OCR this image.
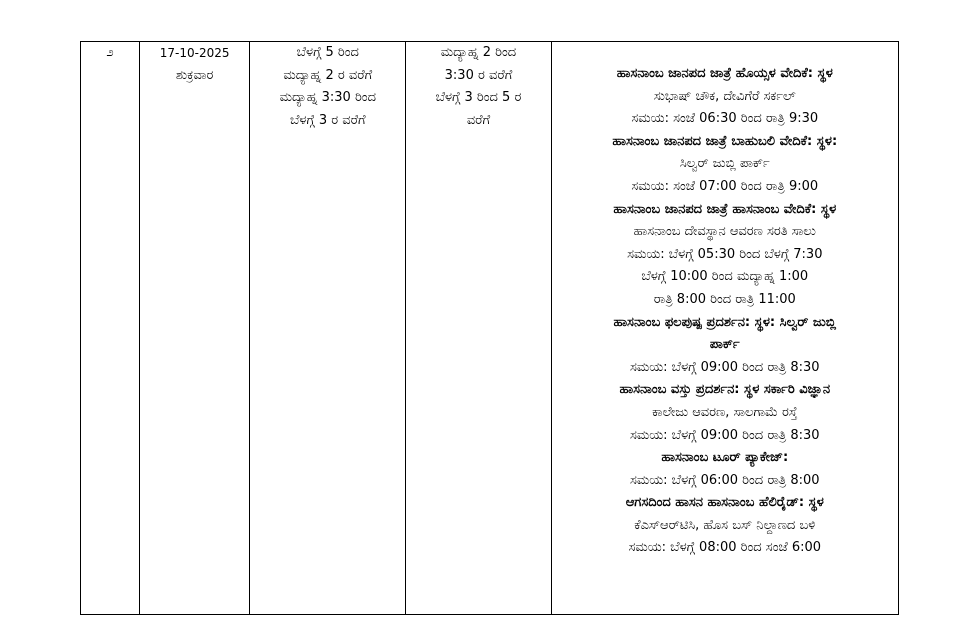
೨	17-10-2025
ಶುಕ್ರವಾರ

ಬೆಳಗ್ಗೆ 5 ರಿಂದ
ಮದ್ಯಾಹ್ನ 2 ರ ವರೆಗೆ
ಮದ್ಯಾಹ್ನ 3:30 ರಿಂದ
ಬೆಳಗ್ಗೆ 3 ರ ವರೆಗೆ

ಮದ್ಯಾಹ್ನ 2 ರಿಂದ
3:30 ರ ವರೆಗೆ
ಬೆಳಗ್ಗೆ 3 ರಿಂದ 5 ರ
ವರೆಗೆ

ಹಾಸನಾಂಬ ಜಾನಪದ ಜಾತ್ರೆ ಹೊಯ್ಸಳ ವೇದಿಕೆ: ಸ್ಥಳ
ಸುಭಾಷ್ ಚೌಕ, ದೇವಿಗೆರೆ ಸರ್ಕಲ್
ಸಮಯ: ಸಂಜೆ 06:30 ರಿಂದ ರಾತ್ರಿ 9:30
ಹಾಸನಾಂಬ ಜಾನಪದ ಜಾತ್ರೆ ಬಾಹುಬಲಿ ವೇದಿಕೆ: ಸ್ಥಳ:
ಸಿಲ್ವರ್ ಜುಬ್ಲಿ ಪಾರ್ಕ್
ಸಮಯ: ಸಂಜೆ 07:00 ರಿಂದ ರಾತ್ರಿ 9:00
ಹಾಸನಾಂಬ ಜಾನಪದ ಜಾತ್ರೆ ಹಾಸನಾಂಬ ವೇದಿಕೆ: ಸ್ಥಳ
ಹಾಸನಾಂಬ ದೇವಸ್ಥಾನ ಆವರಣ ಸರತಿ ಸಾಲು
ಸಮಯ: ಬೆಳಗ್ಗೆ 05:30 ರಿಂದ ಬೆಳಗ್ಗೆ 7:30
ಬೆಳಗ್ಗೆ 10:00 ರಿಂದ ಮದ್ಯಾಹ್ನ 1:00
ರಾತ್ರಿ 8:00 ರಿಂದ ರಾತ್ರಿ 11:00
ಹಾಸನಾಂಬ ಫಲಪುಷ್ಪ ಪ್ರದರ್ಶನ: ಸ್ಥಳ: ಸಿಲ್ವರ್ ಜುಬ್ಲಿ
ಪಾರ್ಕ್
ಸಮಯ: ಬೆಳಗ್ಗೆ 09:00 ರಿಂದ ರಾತ್ರಿ 8:30
ಹಾಸನಾಂಬ ವಸ್ತು ಪ್ರದರ್ಶನ: ಸ್ಥಳ ಸರ್ಕಾರಿ ವಿಜ್ಞಾನ
ಕಾಲೇಜು ಆವರಣ, ಸಾಲಗಾಮೆ ರಸ್ತೆ
ಸಮಯ: ಬೆಳಗ್ಗೆ 09:00 ರಿಂದ ರಾತ್ರಿ 8:30
ಹಾಸನಾಂಬ ಟೂರ್ ಪ್ಯಾಕೇಜ್:
ಸಮಯ: ಬೆಳಗ್ಗೆ 06:00 ರಿಂದ ರಾತ್ರಿ 8:00
ಆಗಸದಿಂದ ಹಾಸನ ಹಾಸನಾಂಬ ಹೆಲಿರೈಡ್: ಸ್ಥಳ
ಕೆಎಸ್‌ಆರ್‌ಟಿಸಿ, ಹೊಸ ಬಸ್ ನಿಲ್ದಾಣದ ಬಳಿ
ಸಮಯ: ಬೆಳಗ್ಗೆ 08:00 ರಿಂದ ಸಂಜೆ 6:00
